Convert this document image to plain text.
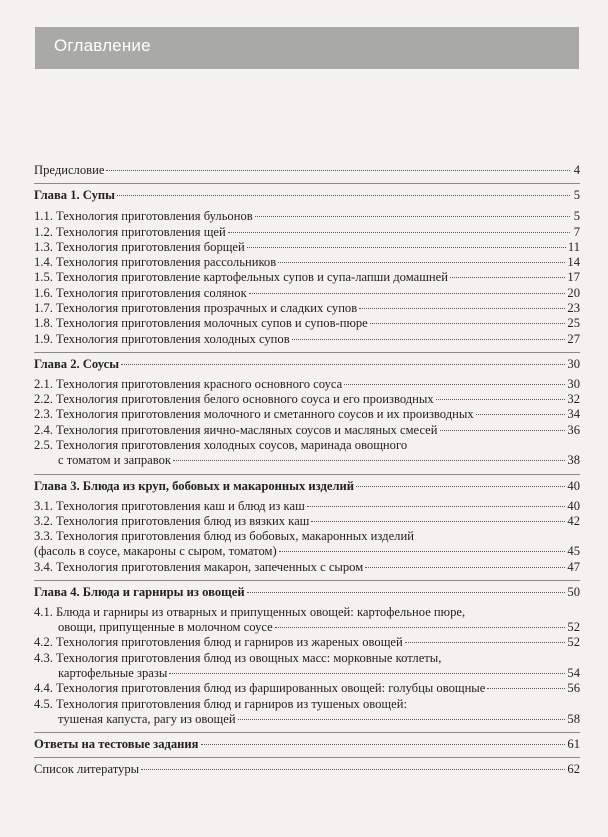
Оглавление
Предисловие	4
Глава 1. Супы	5
1.1. Технология приготовления бульонов	5
1.2. Технология приготовления щей	7
1.3. Технология приготовления борщей	11
1.4. Технология приготовления рассольников	14
1.5. Технология приготовление картофельных супов и супа-лапши домашней	17
1.6. Технология приготовления солянок	20
1.7. Технология приготовления прозрачных и сладких супов	23
1.8. Технология приготовления молочных супов и супов-пюре	25
1.9. Технология приготовления холодных супов	27
Глава 2. Соусы	30
2.1. Технология приготовления красного основного соуса	30
2.2. Технология приготовления белого основного соуса и его производных	32
2.3. Технология приготовления молочного и сметанного соусов и их производных	34
2.4. Технология приготовления яично-масляных соусов и масляных смесей	36
2.5. Технология приготовления холодных соусов, маринада овощного
с томатом и заправок	38
Глава 3. Блюда из круп, бобовых и макаронных изделий	40
3.1. Технология приготовления каш и блюд из каш	40
3.2. Технология приготовления блюд из вязких каш	42
3.3. Технология приготовления блюд из бобовых, макаронных изделий
(фасоль в соусе, макароны с сыром, томатом)	45
3.4. Технология приготовления макарон, запеченных с сыром	47
Глава 4. Блюда и гарниры из овощей	50
4.1. Блюда и гарниры из отварных и припущенных овощей: картофельное пюре,
овощи, припущенные в молочном соусе	52
4.2. Технология приготовления блюд и гарниров из жареных овощей	52
4.3. Технология приготовления блюд из овощных масс: морковные котлеты,
картофельные зразы	54
4.4. Технология приготовления блюд из фаршированных овощей: голубцы овощные	56
4.5. Технология приготовления блюд и гарниров из тушеных овощей:
тушеная капуста, рагу из овощей	58
Ответы на тестовые задания	61
Список литературы	62
